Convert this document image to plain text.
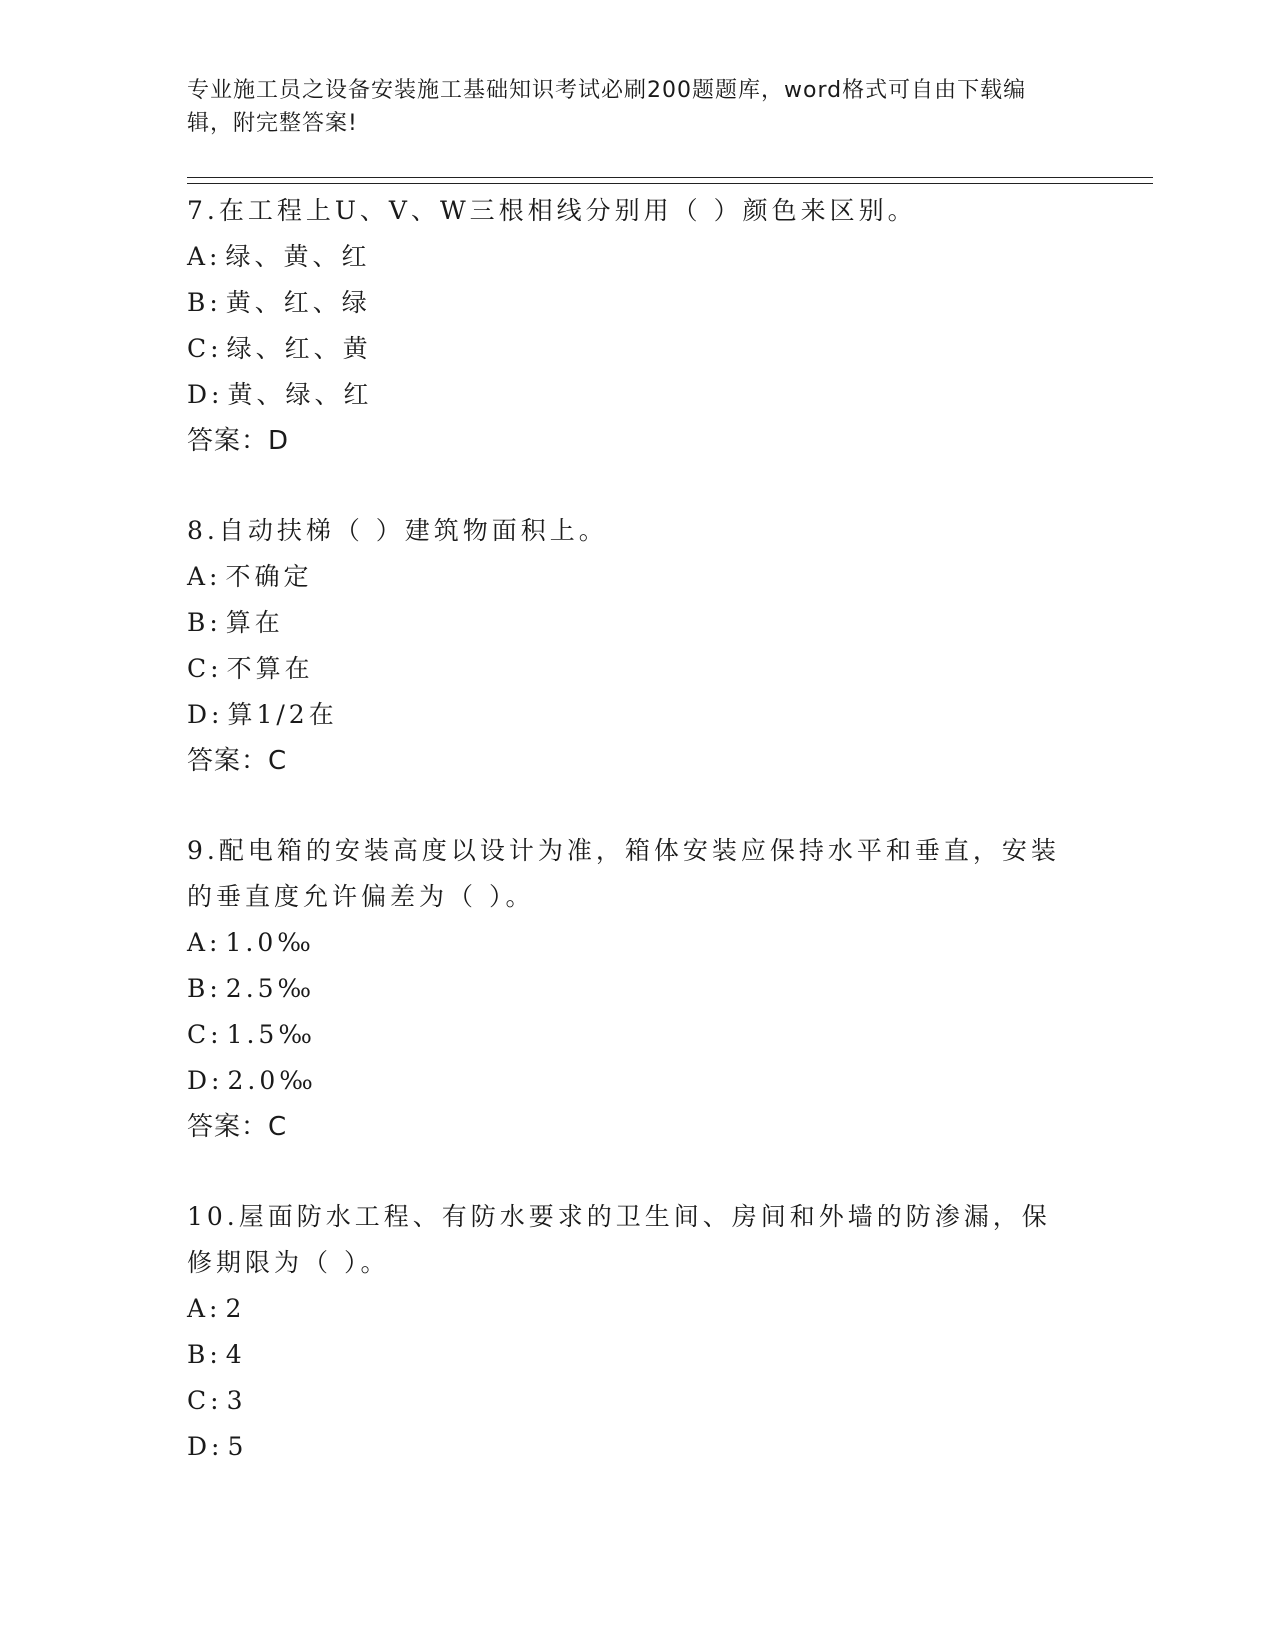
专业施工员之设备安装施工基础知识考试必刷200题题库，word格式可自由下载编辑，附完整答案!

7.在工程上U、V、W三根相线分别用（ ）颜色来区别。

A: 绿、黄、红

B: 黄、红、绿

C: 绿、红、黄

D: 黄、绿、红

答案：D

8.自动扶梯（ ）建筑物面积上。

A: 不确定

B: 算在

C: 不算在

D: 算1/2在

答案：C

9.配电箱的安装高度以设计为准，箱体安装应保持水平和垂直，安装的垂直度允许偏差为（ ）。

A: 1.0‰

B: 2.5‰

C: 1.5‰

D: 2.0‰

答案：C

10.屋面防水工程、有防水要求的卫生间、房间和外墙的防渗漏，保修期限为（ ）。

A: 2

B: 4

C: 3

D: 5
